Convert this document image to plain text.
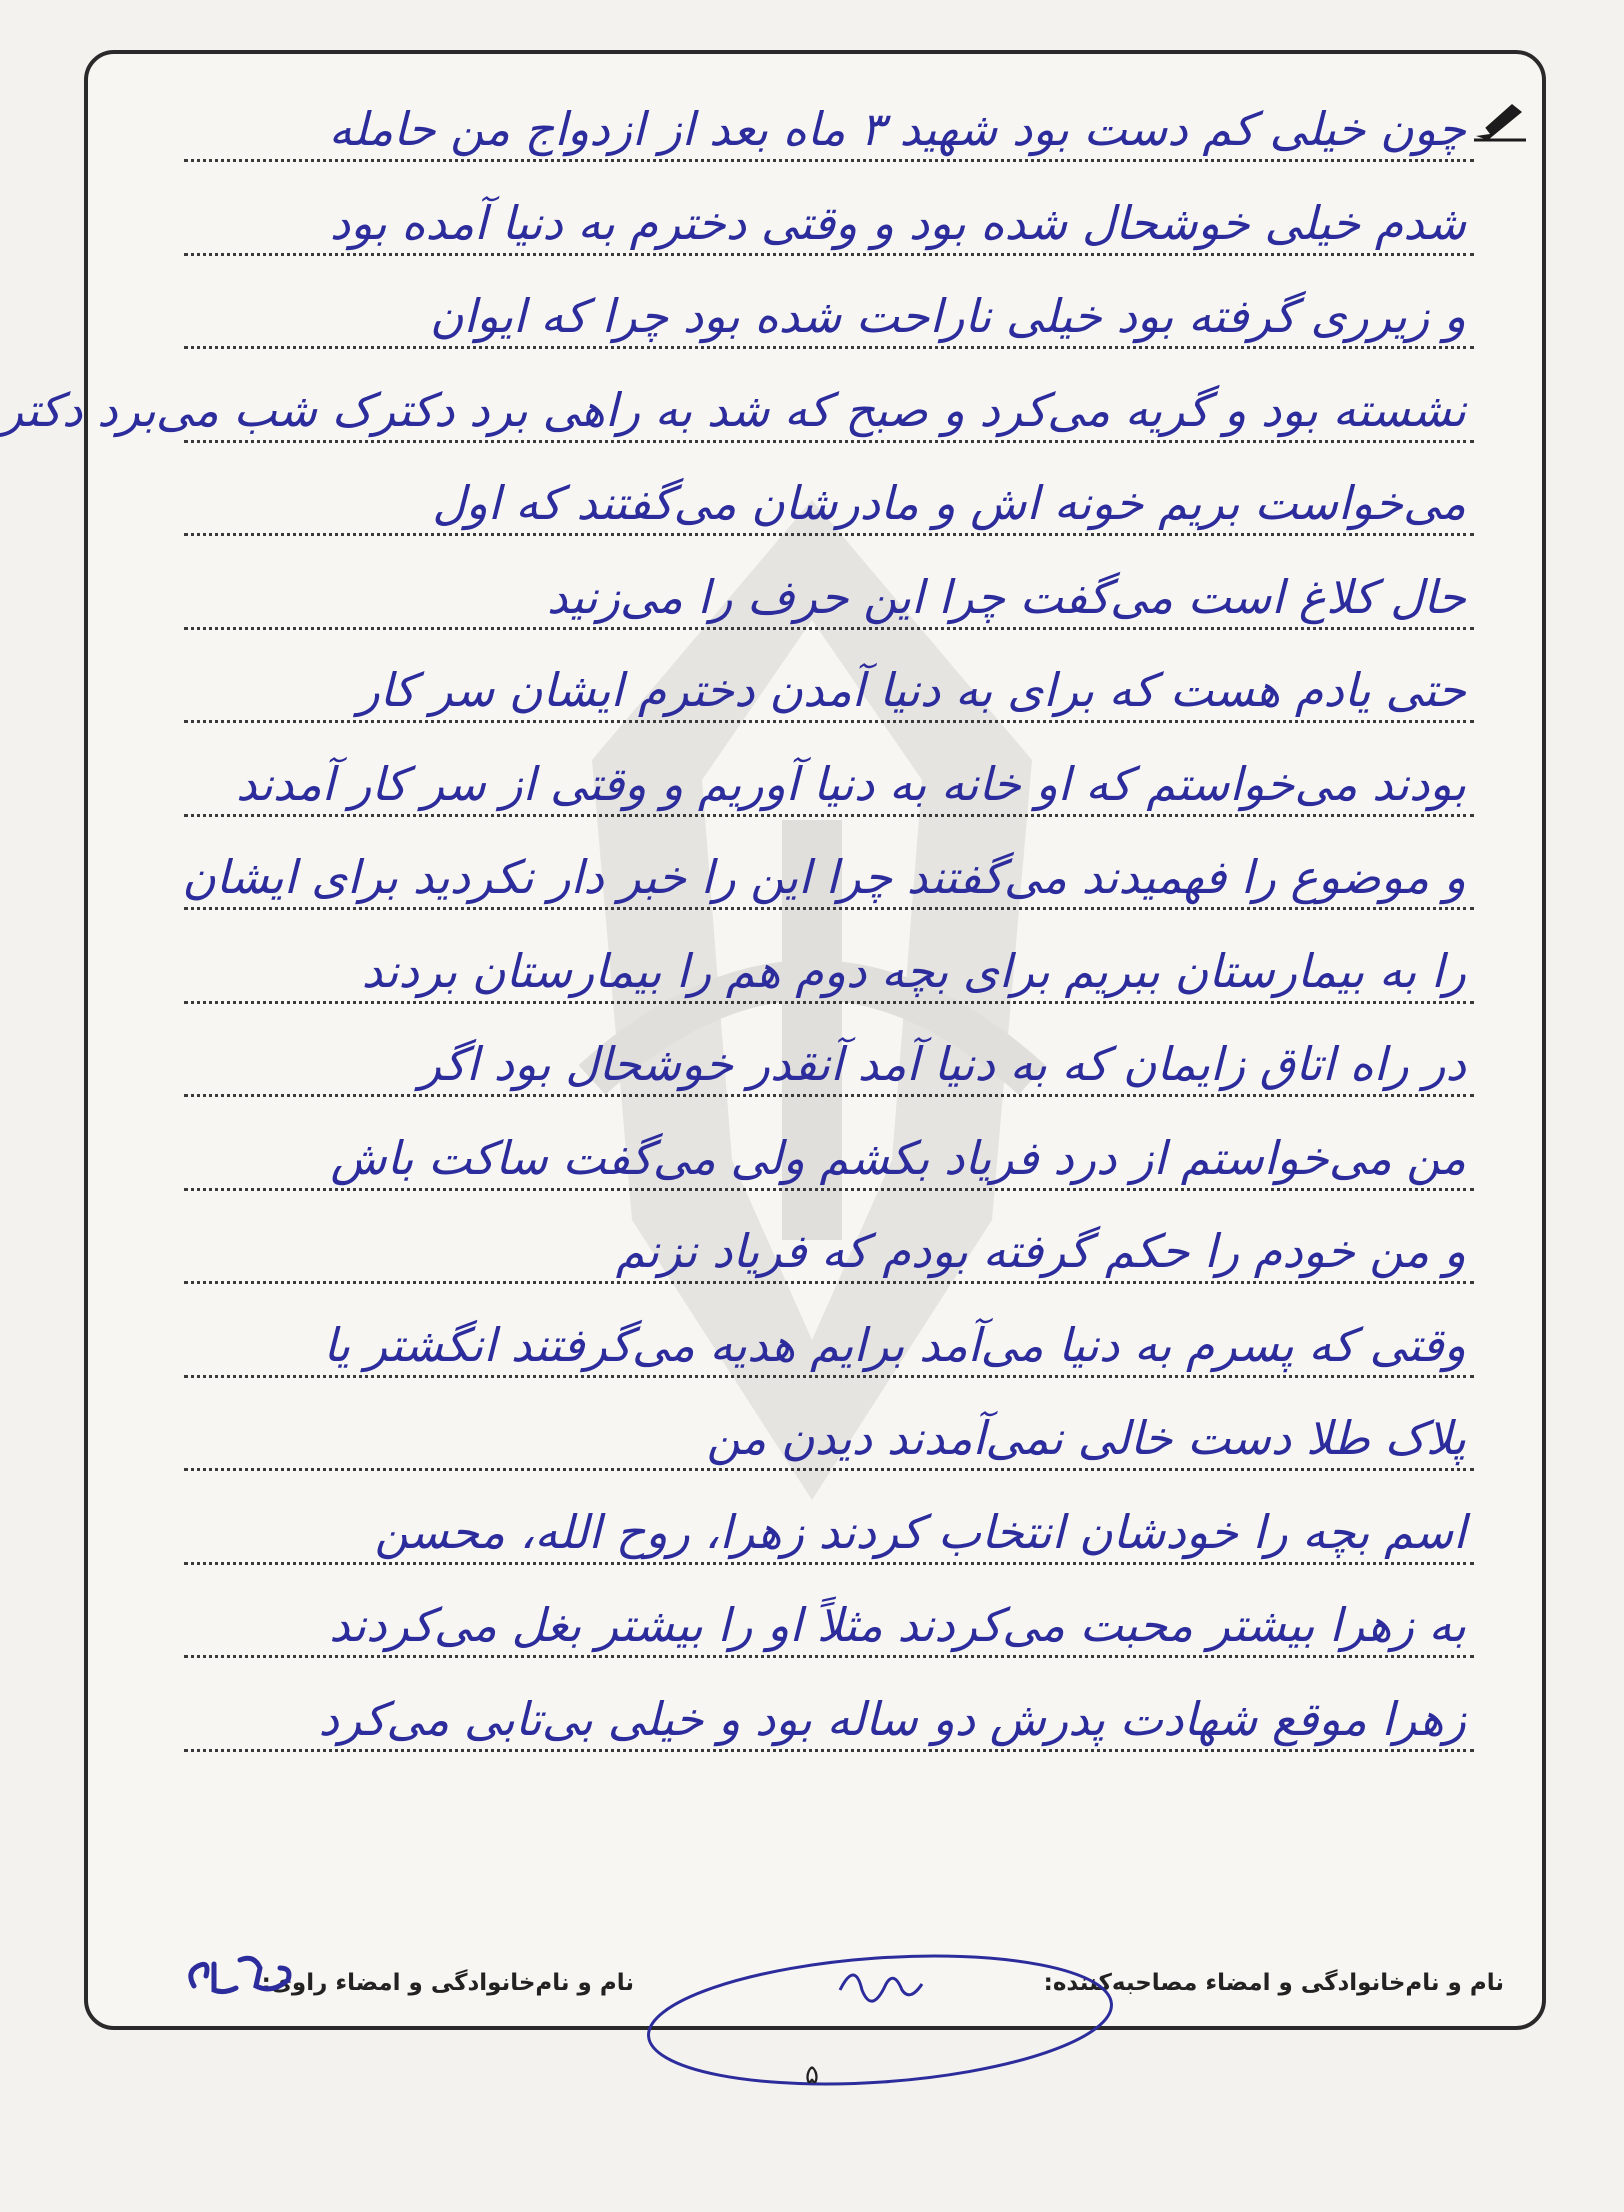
چون خیلی کم دست بود شهید ۳ ماه بعد از ازدواج من حامله
شدم خیلی خوشحال شده بود و وقتی دخترم به دنیا آمده بود
و زیرری گرفته بود خیلی ناراحت شده بود چرا که ایوان
نشسته بود و گریه می‌کرد و صبح که شد به راهی برد دکترک شب می‌برد دکتر
می‌خواست بریم خونه اش و مادرشان می‌گفتند که اول
حال کلاغ است می‌گفت چرا این حرف را می‌زنید
حتی یادم هست که برای به دنیا آمدن دخترم ایشان سر کار
بودند می‌خواستم که او خانه به دنیا آوریم و وقتی از سر کار آمدند
و موضوع را فهمیدند می‌گفتند چرا این را خبر دار نکردید برای ایشان
را به بیمارستان ببریم برای بچه دوم هم را بیمارستان بردند
در راه اتاق زایمان که به دنیا آمد آنقدر خوشحال بود اگر
من می‌خواستم از درد فریاد بکشم ولی می‌گفت ساکت باش
و من خودم را حکم گرفته بودم که فریاد نزنم
وقتی که پسرم به دنیا می‌آمد برایم هدیه می‌گرفتند انگشتر یا
پلاک طلا دست خالی نمی‌آمدند دیدن من
اسم بچه را خودشان انتخاب کردند زهرا، روح الله، محسن
به زهرا بیشتر محبت می‌کردند مثلاً او را بیشتر بغل می‌کردند
زهرا موقع شهادت پدرش دو ساله بود و خیلی بی‌تابی می‌کرد
نام و نام‌خانوادگی و امضاء مصاحبه‌کننده:
نام و نام‌خانوادگی و امضاء راوی:
۵
